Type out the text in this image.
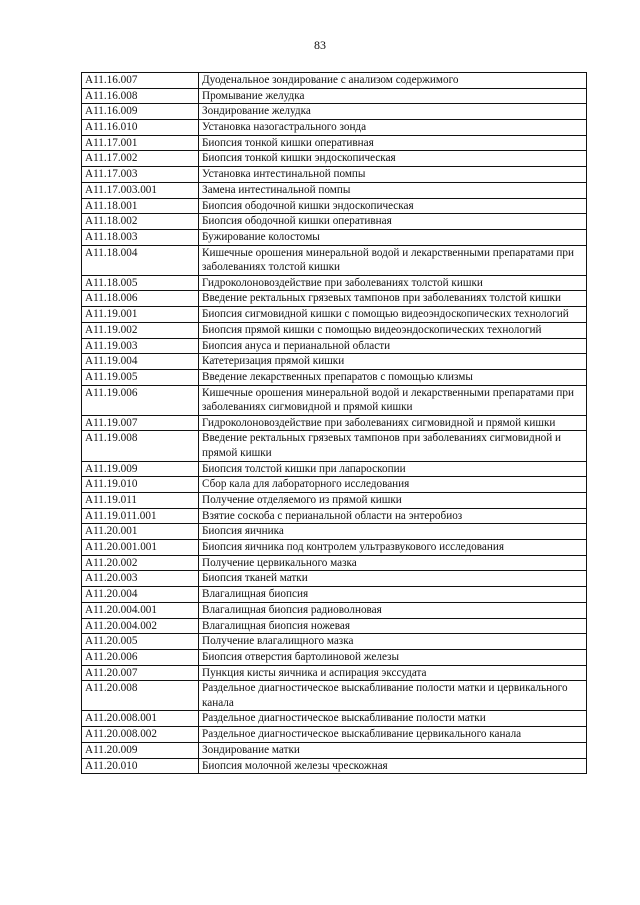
83
A11.16.007	Дуоденальное зондирование с анализом содержимого
A11.16.008	Промывание желудка
A11.16.009	Зондирование желудка
A11.16.010	Установка назогастрального зонда
A11.17.001	Биопсия тонкой кишки оперативная
A11.17.002	Биопсия тонкой кишки эндоскопическая
A11.17.003	Установка интестинальной помпы
A11.17.003.001	Замена интестинальной помпы
A11.18.001	Биопсия ободочной кишки эндоскопическая
A11.18.002	Биопсия ободочной кишки оперативная
A11.18.003	Бужирование колостомы
A11.18.004	Кишечные орошения минеральной водой и лекарственными препаратами при заболеваниях толстой кишки
A11.18.005	Гидроколоновоздействие при заболеваниях толстой кишки
A11.18.006	Введение ректальных грязевых тампонов при заболеваниях толстой кишки
A11.19.001	Биопсия сигмовидной кишки с помощью видеоэндоскопических технологий
A11.19.002	Биопсия прямой кишки с помощью видеоэндоскопических технологий
A11.19.003	Биопсия ануса и перианальной области
A11.19.004	Катетеризация прямой кишки
A11.19.005	Введение лекарственных препаратов с помощью клизмы
A11.19.006	Кишечные орошения минеральной водой и лекарственными препаратами при заболеваниях сигмовидной и прямой кишки
A11.19.007	Гидроколоновоздействие при заболеваниях сигмовидной и прямой кишки
A11.19.008	Введение ректальных грязевых тампонов при заболеваниях сигмовидной и прямой кишки
A11.19.009	Биопсия толстой кишки при лапароскопии
A11.19.010	Сбор кала для лабораторного исследования
A11.19.011	Получение отделяемого из прямой кишки
A11.19.011.001	Взятие соскоба с перианальной области на энтеробиоз
A11.20.001	Биопсия яичника
A11.20.001.001	Биопсия яичника под контролем ультразвукового исследования
A11.20.002	Получение цервикального мазка
A11.20.003	Биопсия тканей матки
A11.20.004	Влагалищная биопсия
A11.20.004.001	Влагалищная биопсия радиоволновая
A11.20.004.002	Влагалищная биопсия ножевая
A11.20.005	Получение влагалищного мазка
A11.20.006	Биопсия отверстия бартолиновой железы
A11.20.007	Пункция кисты яичника и аспирация экссудата
A11.20.008	Раздельное диагностическое выскабливание полости матки и цервикального канала
A11.20.008.001	Раздельное диагностическое выскабливание полости матки
A11.20.008.002	Раздельное диагностическое выскабливание цервикального канала
A11.20.009	Зондирование матки
A11.20.010	Биопсия молочной железы чрескожная
